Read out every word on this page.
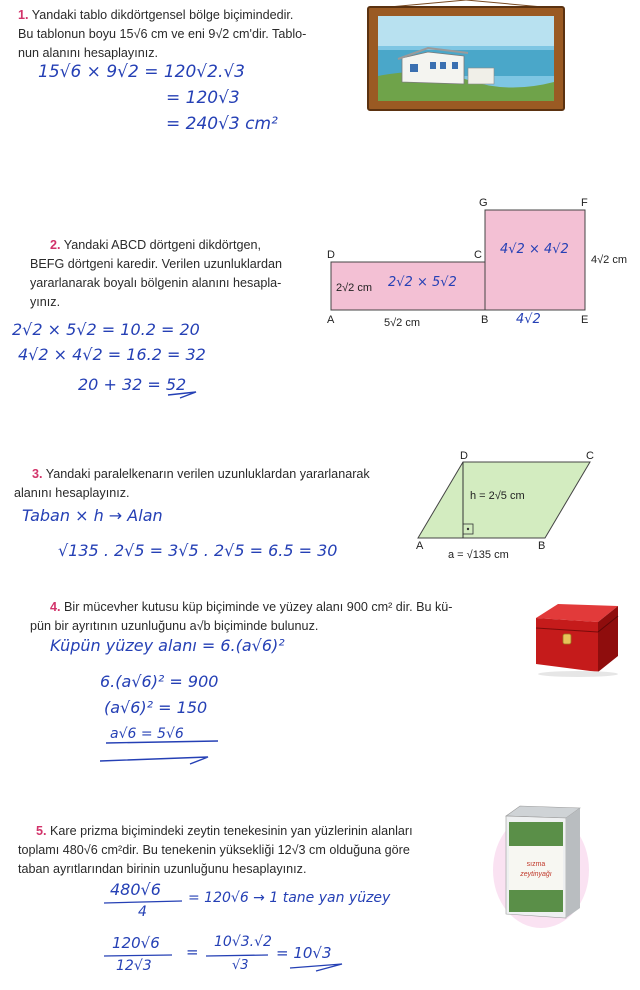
1. Yandaki tablo dikdörtgensel bölge biçimindedir.
Bu tablonun boyu 15√6 cm ve eni 9√2 cm'dir. Tablo-
nun alanını hesaplayınız.
15√6 × 9√2 = 120√2.√3
= 120√3
= 240√3 cm²
2. Yandaki ABCD dörtgeni dikdörtgen,
BEFG dörtgeni karedir. Verilen uzunluklardan
yararlanarak boyalı bölgenin alanını hesapla-
yınız.
G	F
D	C
A	B	E
2√2 cm
5√2 cm
4√2 cm
2√2 × 5√2
4√2 × 4√2
4√2
2√2 × 5√2 = 10.2 = 20
4√2 × 4√2 = 16.2 = 32
20 + 32 = 52
3. Yandaki paralelkenarın verilen uzunluklardan yararlanarak
alanını hesaplayınız.
D	C
A	B
h = 2√5 cm
a = √135 cm
Taban × h → Alan
√135 . 2√5 = 3√5 . 2√5 = 6.5 = 30
4. Bir mücevher kutusu küp biçiminde ve yüzey alanı 900 cm² dir. Bu kü-
pün bir ayrıtının uzunluğunu a√b biçiminde bulunuz.
Küpün yüzey alanı = 6.(a√6)²
6.(a√6)² = 900
(a√6)² = 150
a√6 = 5√6
5. Kare prizma biçimindeki zeytin tenekesinin yan yüzlerinin alanları
toplamı 480√6 cm²dir. Bu tenekenin yüksekliği 12√3 cm olduğuna göre
taban ayrıtlarından birinin uzunluğunu hesaplayınız.	sızma
zeytinyağı
480√6
4
= 120√6 → 1 tane yan yüzey
120√6
12√3
10√3.√2
√3
= 10√3
=
